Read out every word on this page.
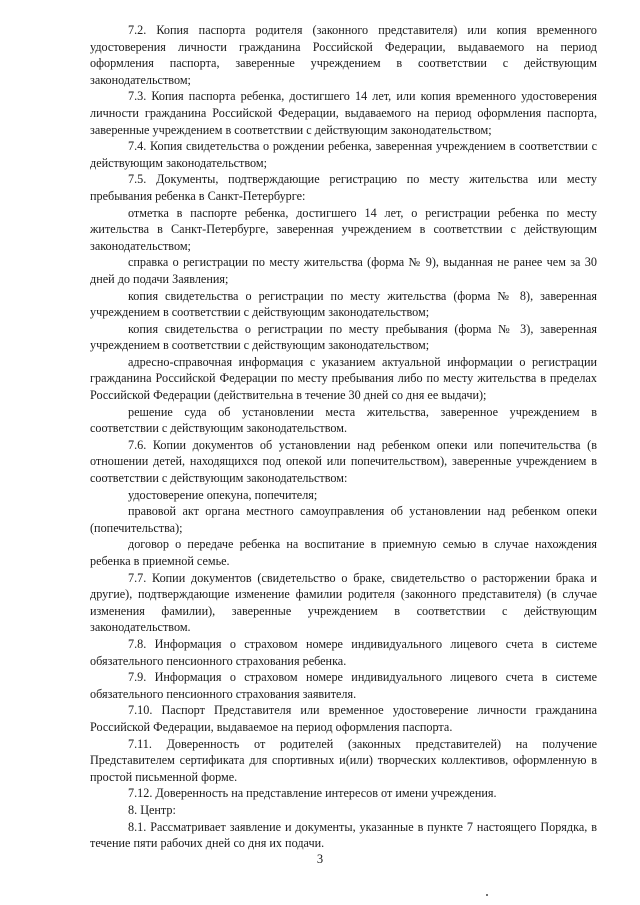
7.2. Копия паспорта родителя (законного представителя) или копия временного удостоверения личности гражданина Российской Федерации, выдаваемого на период оформления паспорта, заверенные учреждением в соответствии с действующим законодательством;

7.3. Копия паспорта ребенка, достигшего 14 лет, или копия временного удостоверения личности гражданина Российской Федерации, выдаваемого на период оформления паспорта, заверенные учреждением в соответствии с действующим законодательством;

7.4. Копия свидетельства о рождении ребенка, заверенная учреждением в соответствии с действующим законодательством;

7.5. Документы, подтверждающие регистрацию по месту жительства или месту пребывания ребенка в Санкт-Петербурге:

отметка в паспорте ребенка, достигшего 14 лет, о регистрации ребенка по месту жительства в Санкт-Петербурге, заверенная учреждением в соответствии с действующим законодательством;

справка о регистрации по месту жительства (форма № 9), выданная не ранее чем за 30 дней до подачи Заявления;

копия свидетельства о регистрации по месту жительства (форма № 8), заверенная учреждением в соответствии с действующим законодательством;

копия свидетельства о регистрации по месту пребывания (форма № 3), заверенная учреждением в соответствии с действующим законодательством;

адресно-справочная информация с указанием актуальной информации о регистрации гражданина Российской Федерации по месту пребывания либо по месту жительства в пределах Российской Федерации (действительна в течение 30 дней со дня ее выдачи);

решение суда об установлении места жительства, заверенное учреждением в соответствии с действующим законодательством.

7.6. Копии документов об установлении над ребенком опеки или попечительства (в отношении детей, находящихся под опекой или попечительством), заверенные учреждением в соответствии с действующим законодательством:

удостоверение опекуна, попечителя;

правовой акт органа местного самоуправления об установлении над ребенком опеки (попечительства);

договор о передаче ребенка на воспитание в приемную семью в случае нахождения ребенка в приемной семье.

7.7. Копии документов (свидетельство о браке, свидетельство о расторжении брака и другие), подтверждающие изменение фамилии родителя (законного представителя) (в случае изменения фамилии), заверенные учреждением в соответствии с действующим законодательством.

7.8. Информация о страховом номере индивидуального лицевого счета в системе обязательного пенсионного страхования ребенка.

7.9. Информация о страховом номере индивидуального лицевого счета в системе обязательного пенсионного страхования заявителя.

7.10. Паспорт Представителя или временное удостоверение личности гражданина Российской Федерации, выдаваемое на период оформления паспорта.

7.11. Доверенность от родителей (законных представителей) на получение Представителем сертификата для спортивных и(или) творческих коллективов, оформленную в простой письменной форме.

7.12. Доверенность на представление интересов от имени учреждения.

8. Центр:

8.1. Рассматривает заявление и документы, указанные в пункте 7 настоящего Порядка, в течение пяти рабочих дней со дня их подачи.

3
